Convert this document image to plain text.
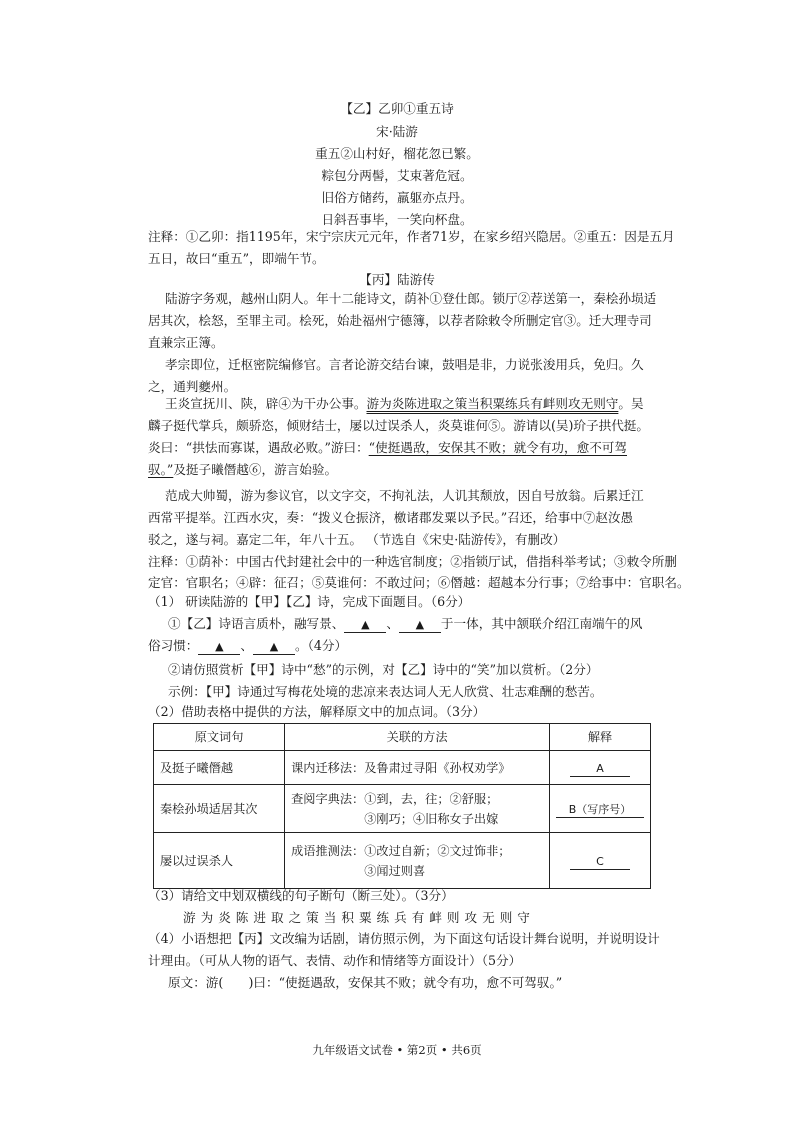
【乙】乙卯①重五诗
宋·陆游
重五②山村好，榴花忽已繁。
粽包分两髻，艾束著危冠。
旧俗方储药，羸躯亦点丹。
日斜吾事毕，一笑向杯盘。
注释：①乙卯：指1195年，宋宁宗庆元元年，作者71岁，在家乡绍兴隐居。②重五：因是五月
五日，故曰“重五”，即端午节。
【丙】陆游传
陆游字务观，越州山阴人。年十二能诗文，荫补①登仕郎。锁厅②荐送第一，秦桧孙埙适
居其次，桧怒，至罪主司。桧死，始赴福州宁德簿，以荐者除敕令所删定官③。迁大理寺司
直兼宗正簿。
孝宗即位，迁枢密院编修官。言者论游交结台谏，鼓唱是非，力说张浚用兵，免归。久
之，通判夔州。
王炎宣抚川、陕，辟④为干办公事。游为炎陈进取之策当积粟练兵有衅则攻无则守。吴
麟子挺代掌兵，颇骄恣，倾财结士，屡以过误杀人，炎莫谁何⑤。游请以(吴)玠子拱代挺。
炎曰：“拱怯而寡谋，遇敌必败。”游曰：“使挺遇敌，安保其不败；就令有功，愈不可驾
驭。”及挺子曦僭越⑥，游言始验。
范成大帅蜀，游为参议官，以文字交，不拘礼法，人讥其颓放，因自号放翁。后累迁江
西常平提举。江西水灾，奏：“拨义仓振济，檄诸郡发粟以予民。”召还，给事中⑦赵汝愚
驳之，遂与祠。嘉定二年，年八十五。 （节选自《宋史·陆游传》，有删改）
注释：①荫补：中国古代封建社会中的一种选官制度；②指锁厅试，借指科举考试；③敕令所删
定官：官职名；④辟：征召；⑤莫谁何：不敢过问；⑥僭越：超越本分行事；⑦给事中：官职名。
（1） 研读陆游的【甲】【乙】诗，完成下面题目。（6分）
①【乙】诗语言质朴，融写景、 ▲ 、 ▲ 于一体，其中颔联介绍江南端午的风
俗习惯： ▲ 、 ▲ 。（4分）
②请仿照赏析【甲】诗中“愁”的示例，对【乙】诗中的“笑”加以赏析。（2分）
示例：【甲】诗通过写梅花处境的悲凉来表达词人无人欣赏、壮志难酬的愁苦。
（2）借助表格中提供的方法，解释原文中的加点词。（3分）
原文词句	关联的方法	解释
及挺子曦僭越	课内迁移法：及鲁肃过寻阳《孙权劝学》	A
秦桧孙埙适居其次	查阅字典法：①到，去，往；②舒服；
　　　　　　③刚巧；④旧称女子出嫁	B（写序号）
屡以过误杀人	成语推测法：①改过自新；②文过饰非；
　　　　　　③闻过则喜	C
（3）请给文中划双横线的句子断句（断三处）。（3分）
游为炎陈进取之策当积粟练兵有衅则攻无则守
（4）小语想把【丙】文改编为话剧，请仿照示例，为下面这句话设计舞台说明，并说明设计
计理由。（可从人物的语气、表情、动作和情绪等方面设计）（5分）
原文：游(　　)曰：“使挺遇敌，安保其不败；就令有功，愈不可驾驭。”
九年级语文试卷 • 第2页 • 共6页
